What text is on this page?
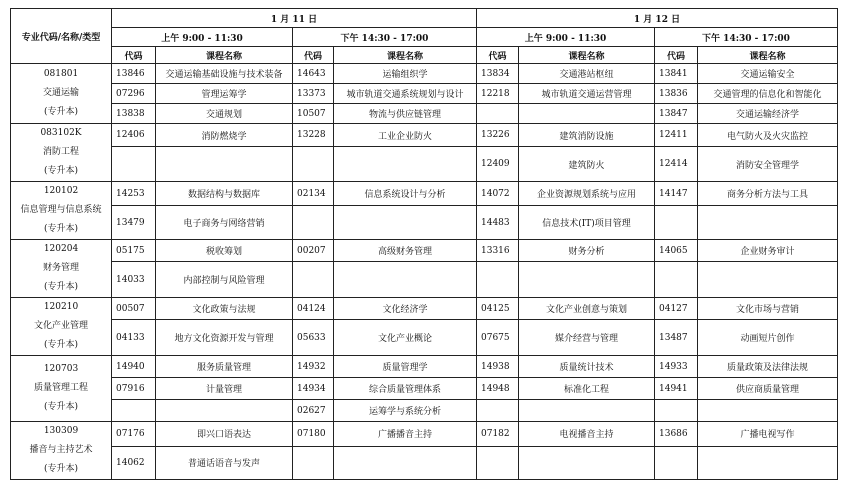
专业代码/名称/类型	1 月 11 日				1 月 12 日			
	上午 9:00 - 11:30		下午 14:30 - 17:00		上午 9:00 - 11:30		下午 14:30 - 17:00	
	代码	课程名称	代码	课程名称	代码	课程名称	代码	课程名称

081801
交通运输
(专升本)	13846	交通运输基础设施与技术装备	14643	运输组织学	13834	交通港站枢纽	13841	交通运输安全
	07296	管理运筹学	13373	城市轨道交通系统规划与设计	12218	城市轨道交通运营管理	13836	交通管理的信息化和智能化
	13838	交通规划	10507	物流与供应链管理			13847	交通运输经济学

083102K
消防工程
(专升本)	12406	消防燃烧学	13228	工业企业防火	13226	建筑消防设施	12411	电气防火及火灾监控
					12409	建筑防火	12414	消防安全管理学

120102
信息管理与信息系统
(专升本)	14253	数据结构与数据库	02134	信息系统设计与分析	14072	企业资源规划系统与应用	14147	商务分析方法与工具
	13479	电子商务与网络营销			14483	信息技术(IT)项目管理		

120204
财务管理
(专升本)	05175	税收筹划	00207	高级财务管理	13316	财务分析	14065	企业财务审计
	14033	内部控制与风险管理						

120210
文化产业管理
(专升本)	00507	文化政策与法规	04124	文化经济学	04125	文化产业创意与策划	04127	文化市场与营销
	04133	地方文化资源开发与管理	05633	文化产业概论	07675	媒介经营与管理	13487	动画短片创作

120703
质量管理工程
(专升本)	14940	服务质量管理	14932	质量管理学	14938	质量统计技术	14933	质量政策及法律法规
	07916	计量管理	14934	综合质量管理体系	14948	标准化工程	14941	供应商质量管理
			02627	运筹学与系统分析				

130309
播音与主持艺术
(专升本)	07176	即兴口语表达	07180	广播播音主持	07182	电视播音主持	13686	广播电视写作
	14062	普通话语音与发声						
